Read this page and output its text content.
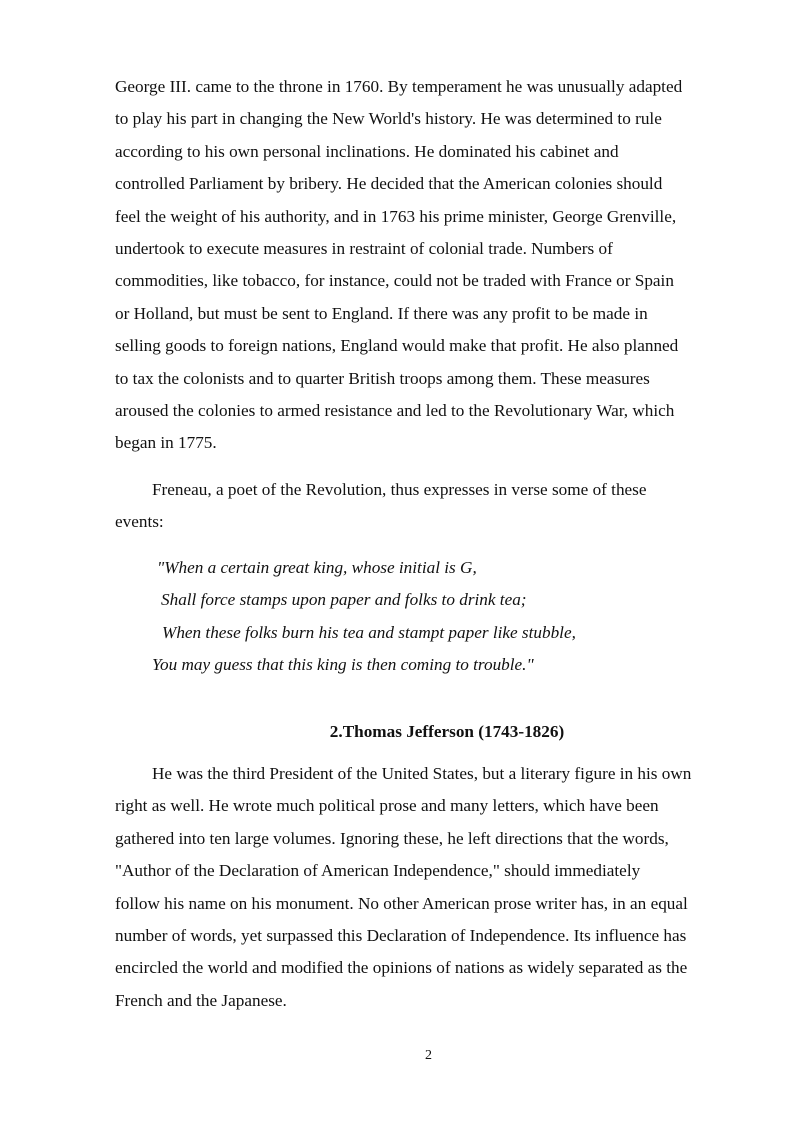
George III. came to the throne in 1760. By temperament he was unusually adapted
to play his part in changing the New World's history. He was determined to rule
according to his own personal inclinations. He dominated his cabinet and
controlled Parliament by bribery. He decided that the American colonies should
feel the weight of his authority, and in 1763 his prime minister, George Grenville,
undertook to execute measures in restraint of colonial trade. Numbers of
commodities, like tobacco, for instance, could not be traded with France or Spain
or Holland, but must be sent to England. If there was any profit to be made in
selling goods to foreign nations, England would make that profit. He also planned
to tax the colonists and to quarter British troops among them. These measures
aroused the colonies to armed resistance and led to the Revolutionary War, which
began in 1775.

Freneau, a poet of the Revolution, thus expresses in verse some of these
events:

"When a certain great king, whose initial is G,
Shall force stamps upon paper and folks to drink tea;
When these folks burn his tea and stampt paper like stubble,
You may guess that this king is then coming to trouble."
2.Thomas Jefferson (1743-1826)

He was the third President of the United States, but a literary figure in his own
right as well. He wrote much political prose and many letters, which have been
gathered into ten large volumes. Ignoring these, he left directions that the words,
"Author of the Declaration of American Independence," should immediately
follow his name on his monument. No other American prose writer has, in an equal
number of words, yet surpassed this Declaration of Independence. Its influence has
encircled the world and modified the opinions of nations as widely separated as the
French and the Japanese.

2
